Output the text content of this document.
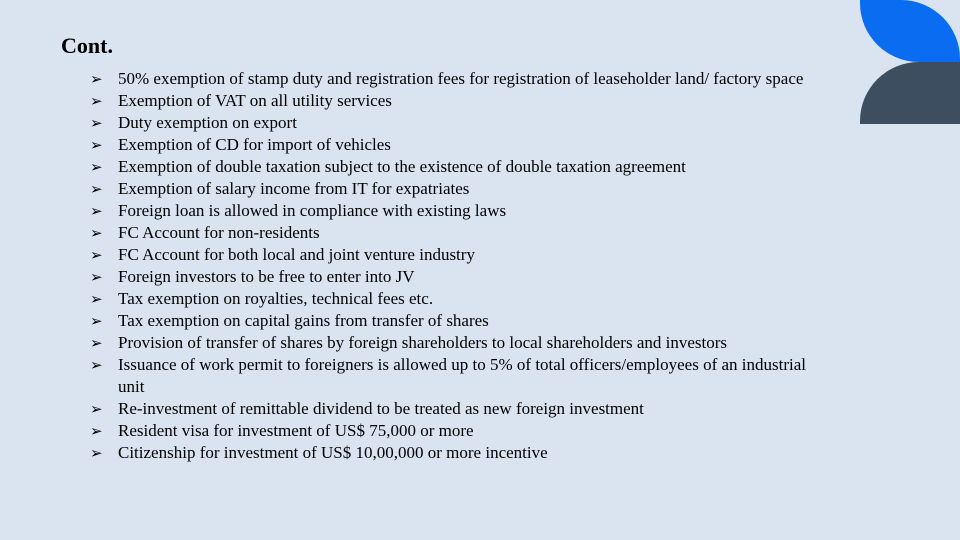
Cont.
➢ 50% exemption of stamp duty and registration fees for registration of leaseholder land/ factory space
➢ Exemption of VAT on all utility services
➢ Duty exemption on export
➢ Exemption of CD for import of vehicles
➢ Exemption of double taxation subject to the existence of double taxation agreement
➢ Exemption of salary income from IT for expatriates
➢ Foreign loan is allowed in compliance with existing laws
➢ FC Account for non-residents
➢ FC Account for both local and joint venture industry
➢ Foreign investors to be free to enter into JV
➢ Tax exemption on royalties, technical fees etc.
➢ Tax exemption on capital gains from transfer of shares
➢ Provision of transfer of shares by foreign shareholders to local shareholders and investors
➢ Issuance of work permit to foreigners is allowed up to 5% of total officers/employees of an industrial unit
➢ Re-investment of remittable dividend to be treated as new foreign investment
➢ Resident visa for investment of US$ 75,000 or more
➢ Citizenship for investment of US$ 10,00,000 or more incentive
